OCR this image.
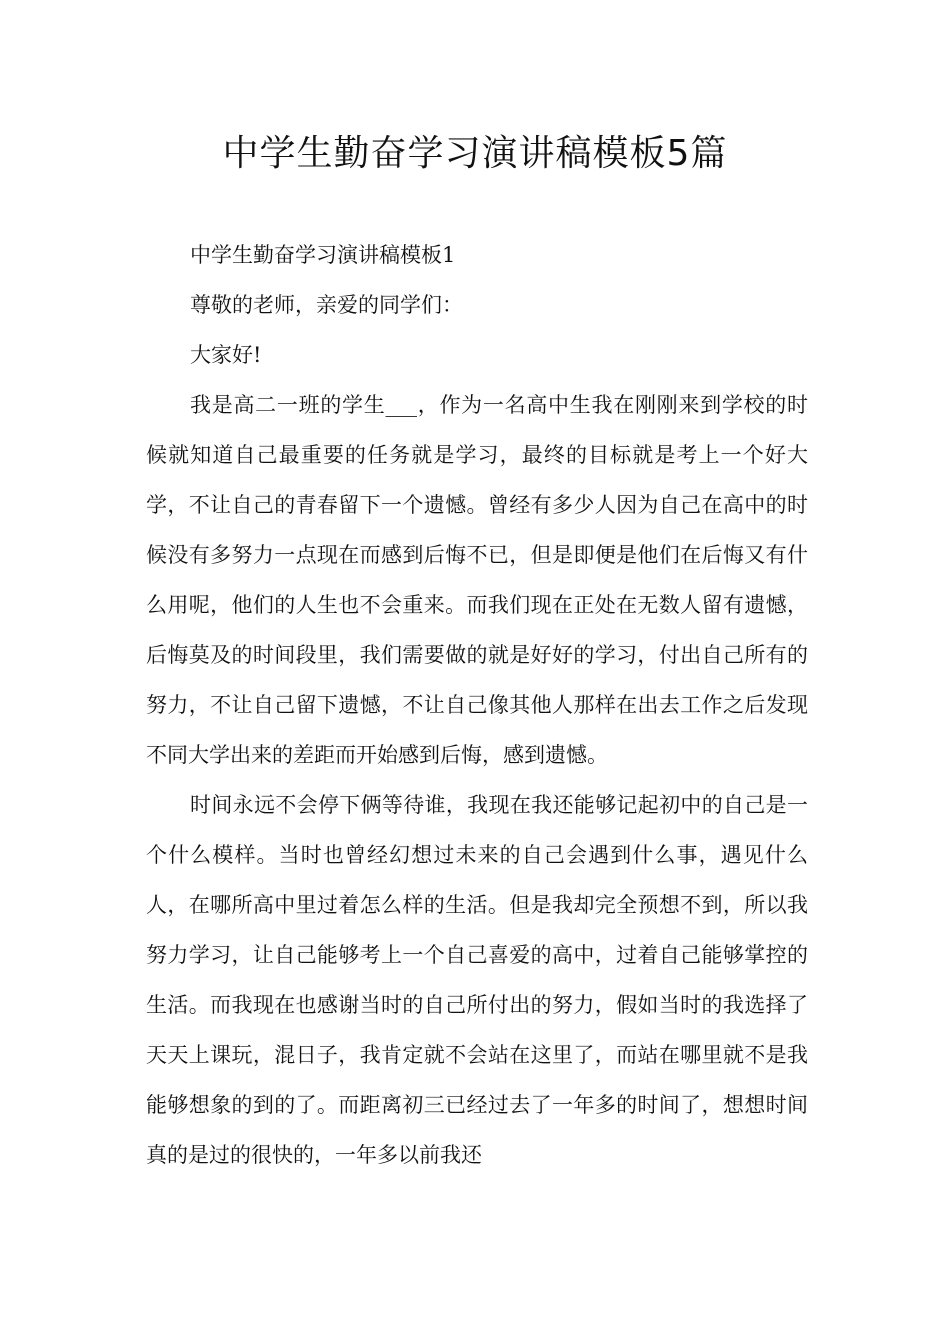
中学生勤奋学习演讲稿模板5篇

中学生勤奋学习演讲稿模板1

尊敬的老师，亲爱的同学们：

大家好!

我是高二一班的学生___，作为一名高中生我在刚刚来到学校的时候就知道自己最重要的任务就是学习，最终的目标就是考上一个好大学，不让自己的青春留下一个遗憾。曾经有多少人因为自己在高中的时候没有多努力一点现在而感到后悔不已，但是即便是他们在后悔又有什么用呢，他们的人生也不会重来。而我们现在正处在无数人留有遗憾，后悔莫及的时间段里，我们需要做的就是好好的学习，付出自己所有的努力，不让自己留下遗憾，不让自己像其他人那样在出去工作之后发现不同大学出来的差距而开始感到后悔，感到遗憾。

时间永远不会停下俩等待谁，我现在我还能够记起初中的自己是一个什么模样。当时也曾经幻想过未来的自己会遇到什么事，遇见什么人，在哪所高中里过着怎么样的生活。但是我却完全预想不到，所以我努力学习，让自己能够考上一个自己喜爱的高中，过着自己能够掌控的生活。而我现在也感谢当时的自己所付出的努力，假如当时的我选择了天天上课玩，混日子，我肯定就不会站在这里了，而站在哪里就不是我能够想象的到的了。而距离初三已经过去了一年多的时间了，想想时间真的是过的很快的，一年多以前我还
